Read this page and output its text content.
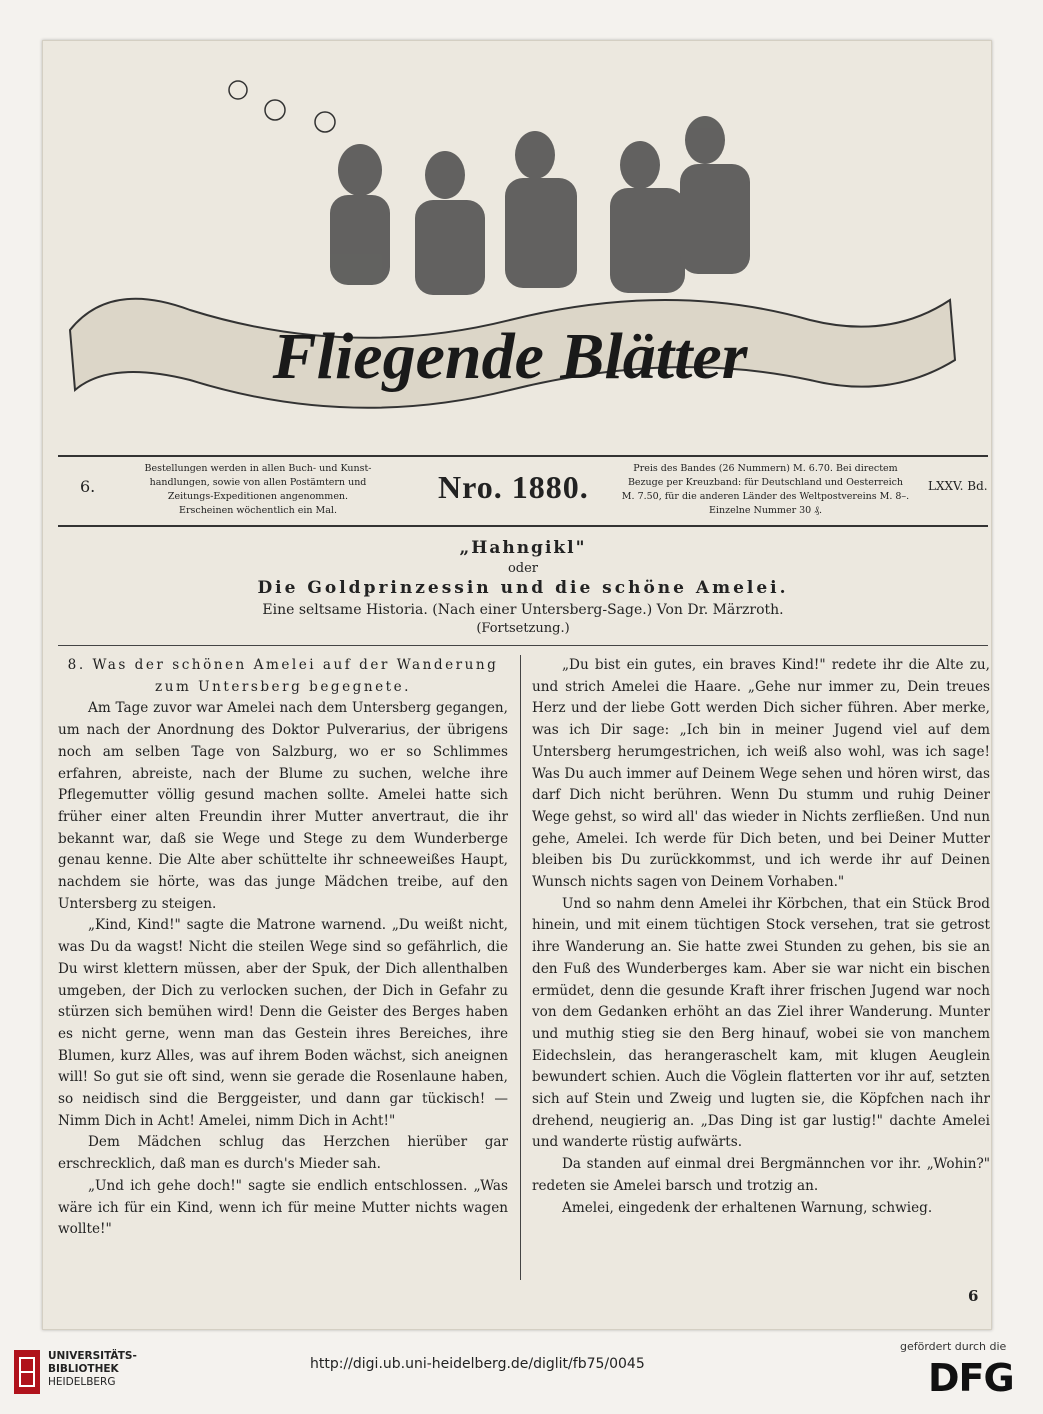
Fliegende Blätter
6.
Bestellungen werden in allen Buch- und Kunst-
handlungen, sowie von allen Postämtern und
Zeitungs-Expeditionen angenommen.
Erscheinen wöchentlich ein Mal.
Nro. 1880.
Preis des Bandes (26 Nummern) M. 6.70. Bei directem
Bezuge per Kreuzband: für Deutschland und Oesterreich
M. 7.50, für die anderen Länder des Weltpostvereins M. 8–.
Einzelne Nummer 30 ₰.
LXXV. Bd.
„Hahngikl"
oder
Die Goldprinzessin und die schöne Amelei.
Eine seltsame Historia. (Nach einer Untersberg-Sage.) Von Dr. Märzroth.
(Fortsetzung.)

8. Was der schönen Amelei auf der Wanderung zum Untersberg begegnete.

Am Tage zuvor war Amelei nach dem Untersberg gegangen, um nach der Anordnung des Doktor Pulverarius, der übrigens noch am selben Tage von Salzburg, wo er so Schlimmes erfahren, abreiste, nach der Blume zu suchen, welche ihre Pflegemutter völlig gesund machen sollte. Amelei hatte sich früher einer alten Freundin ihrer Mutter anvertraut, die ihr bekannt war, daß sie Wege und Stege zu dem Wunderberge genau kenne. Die Alte aber schüttelte ihr schneeweißes Haupt, nachdem sie hörte, was das junge Mädchen treibe, auf den Untersberg zu steigen.

„Kind, Kind!" sagte die Matrone warnend. „Du weißt nicht, was Du da wagst! Nicht die steilen Wege sind so gefährlich, die Du wirst klettern müssen, aber der Spuk, der Dich allenthalben umgeben, der Dich zu verlocken suchen, der Dich in Gefahr zu stürzen sich bemühen wird! Denn die Geister des Berges haben es nicht gerne, wenn man das Gestein ihres Bereiches, ihre Blumen, kurz Alles, was auf ihrem Boden wächst, sich aneignen will! So gut sie oft sind, wenn sie gerade die Rosenlaune haben, so neidisch sind die Berggeister, und dann gar tückisch! — Nimm Dich in Acht! Amelei, nimm Dich in Acht!"

Dem Mädchen schlug das Herzchen hierüber gar erschrecklich, daß man es durch's Mieder sah.

„Und ich gehe doch!" sagte sie endlich entschlossen. „Was wäre ich für ein Kind, wenn ich für meine Mutter nichts wagen wollte!"

„Du bist ein gutes, ein braves Kind!" redete ihr die Alte zu, und strich Amelei die Haare. „Gehe nur immer zu, Dein treues Herz und der liebe Gott werden Dich sicher führen. Aber merke, was ich Dir sage: „Ich bin in meiner Jugend viel auf dem Untersberg herumgestrichen, ich weiß also wohl, was ich sage! Was Du auch immer auf Deinem Wege sehen und hören wirst, das darf Dich nicht berühren. Wenn Du stumm und ruhig Deiner Wege gehst, so wird all' das wieder in Nichts zerfließen. Und nun gehe, Amelei. Ich werde für Dich beten, und bei Deiner Mutter bleiben bis Du zurückkommst, und ich werde ihr auf Deinen Wunsch nichts sagen von Deinem Vorhaben."

Und so nahm denn Amelei ihr Körbchen, that ein Stück Brod hinein, und mit einem tüchtigen Stock versehen, trat sie getrost ihre Wanderung an. Sie hatte zwei Stunden zu gehen, bis sie an den Fuß des Wunderberges kam. Aber sie war nicht ein bischen ermüdet, denn die gesunde Kraft ihrer frischen Jugend war noch von dem Gedanken erhöht an das Ziel ihrer Wanderung. Munter und muthig stieg sie den Berg hinauf, wobei sie von manchem Eidechslein, das herangeraschelt kam, mit klugen Aeuglein bewundert schien. Auch die Vöglein flatterten vor ihr auf, setzten sich auf Stein und Zweig und lugten sie, die Köpfchen nach ihr drehend, neugierig an. „Das Ding ist gar lustig!" dachte Amelei und wanderte rüstig aufwärts.

Da standen auf einmal drei Bergmännchen vor ihr. „Wohin?" redeten sie Amelei barsch und trotzig an.

Amelei, eingedenk der erhaltenen Warnung, schwieg.

6
UNIVERSITÄTS-
BIBLIOTHEK
HEIDELBERG
http://digi.ub.uni-heidelberg.de/diglit/fb75/0045
gefördert durch die
DFG
